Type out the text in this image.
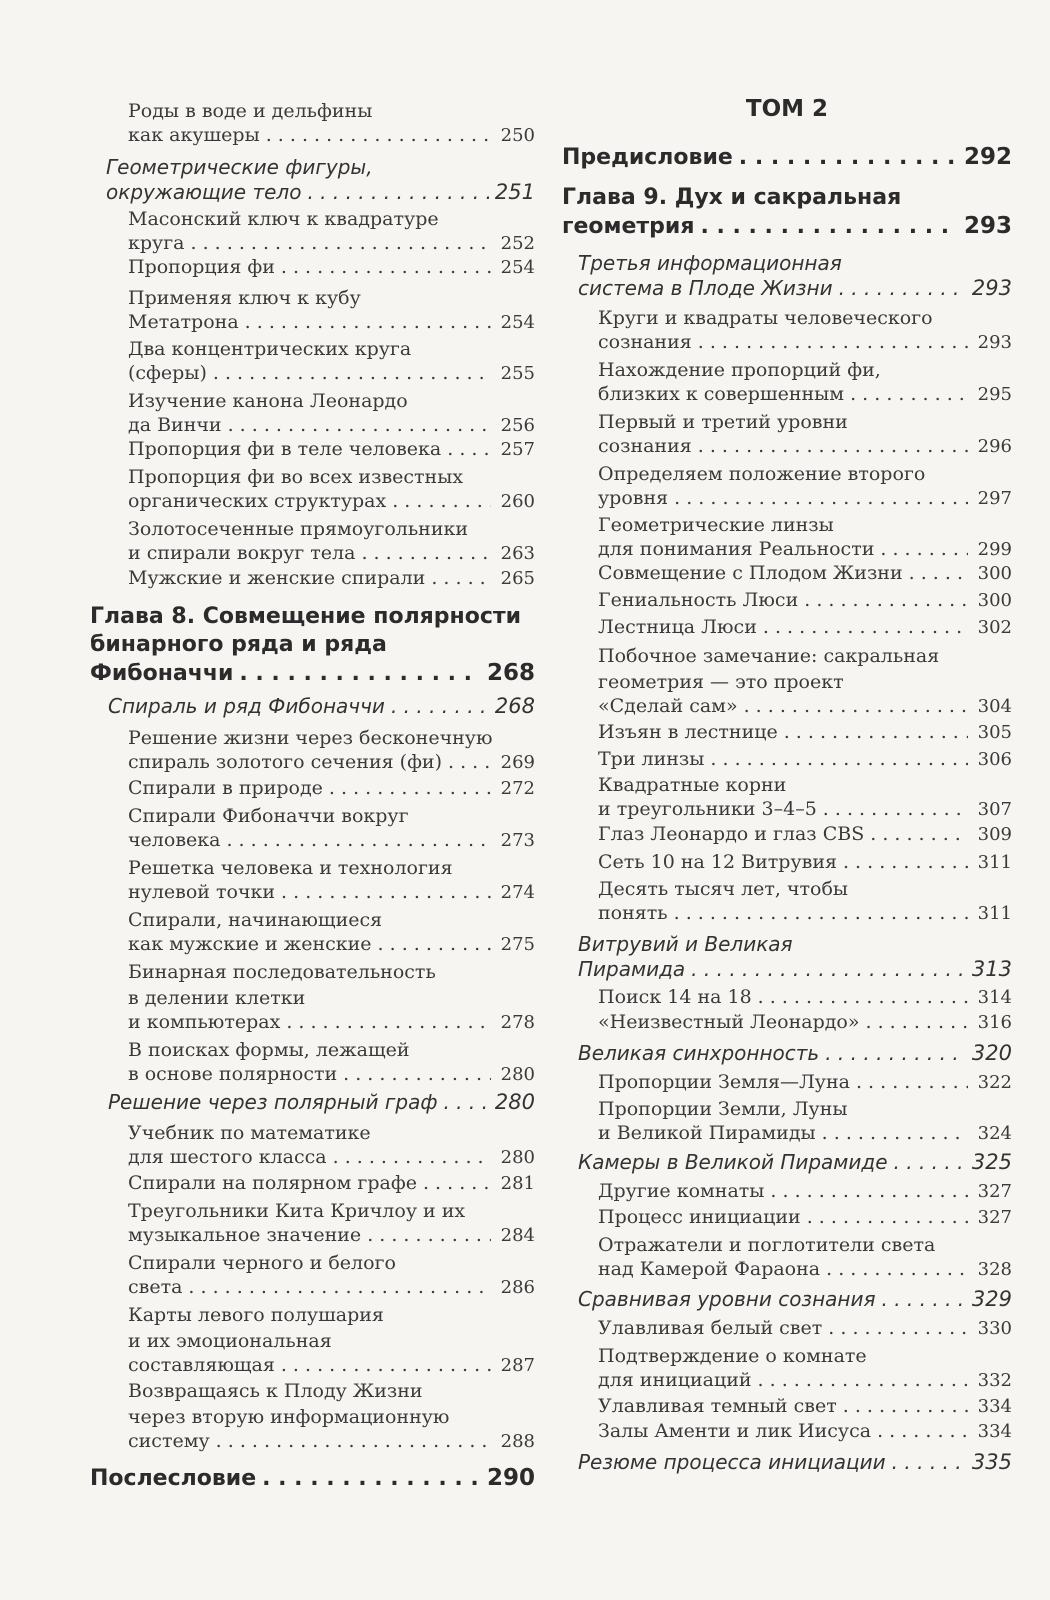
Роды в воде и дельфины
как акушеры . . .	250
Геометрические фигуры,
окружающие тело . . .	251
Масонский ключ к квадратуре
круга . . .	252
Пропорция фи . . .	254
Применяя ключ к кубу
Метатрона . . .	254
Два концентрических круга
(сферы) . . .	255
Изучение канона Леонардо
да Винчи . . .	256
Пропорция фи в теле человека . . .	257
Пропорция фи во всех известных
органических структурах . . .	260
Золотосеченные прямоугольники
и спирали вокруг тела . . .	263
Мужские и женские спирали . . .	265
Глава 8. Совмещение полярности
бинарного ряда и ряда
Фибоначчи . . .	268
Спираль и ряд Фибоначчи . . .	268
Решение жизни через бесконечную
спираль золотого сечения (фи) . . .	269
Спирали в природе . . .	272
Спирали Фибоначчи вокруг
человека . . .	273
Решетка человека и технология
нулевой точки . . .	274
Спирали, начинающиеся
как мужские и женские . . .	275
Бинарная последовательность
в делении клетки
и компьютерах . . .	278
В поисках формы, лежащей
в основе полярности . . .	280
Решение через полярный граф . . .	280
Учебник по математике
для шестого класса . . .	280
Спирали на полярном графе . . .	281
Треугольники Кита Кричлоу и их
музыкальное значение . . .	284
Спирали черного и белого
света . . .	286
Карты левого полушария
и их эмоциональная
составляющая . . .	287
Возвращаясь к Плоду Жизни
через вторую информационную
систему . . .	288
Послесловие . . .	290
ТОМ 2
Предисловие . . .	292
Глава 9. Дух и сакральная
геометрия . . .	293
Третья информационная
система в Плоде Жизни . . .	293
Круги и квадраты человеческого
сознания . . .	293
Нахождение пропорций фи,
близких к совершенным . . .	295
Первый и третий уровни
сознания . . .	296
Определяем положение второго
уровня . . .	297
Геометрические линзы
для понимания Реальности . . .	299
Совмещение с Плодом Жизни . . .	300
Гениальность Люси . . .	300
Лестница Люси . . .	302
Побочное замечание: сакральная
геометрия — это проект
«Сделай сам» . . .	304
Изъян в лестнице . . .	305
Три линзы . . .	306
Квадратные корни
и треугольники 3–4–5 . . .	307
Глаз Леонардо и глаз CBS . . .	309
Сеть 10 на 12 Витрувия . . .	311
Десять тысяч лет, чтобы
понять . . .	311
Витрувий и Великая
Пирамида . . .	313
Поиск 14 на 18 . . .	314
«Неизвестный Леонардо» . . .	316
Великая синхронность . . .	320
Пропорции Земля—Луна . . .	322
Пропорции Земли, Луны
и Великой Пирамиды . . .	324
Камеры в Великой Пирамиде . . .	325
Другие комнаты . . .	327
Процесс инициации . . .	327
Отражатели и поглотители света
над Камерой Фараона . . .	328
Сравнивая уровни сознания . . .	329
Улавливая белый свет . . .	330
Подтверждение о комнате
для инициаций . . .	332
Улавливая темный свет . . .	334
Залы Аменти и лик Иисуса . . .	334
Резюме процесса инициации . . .	335
